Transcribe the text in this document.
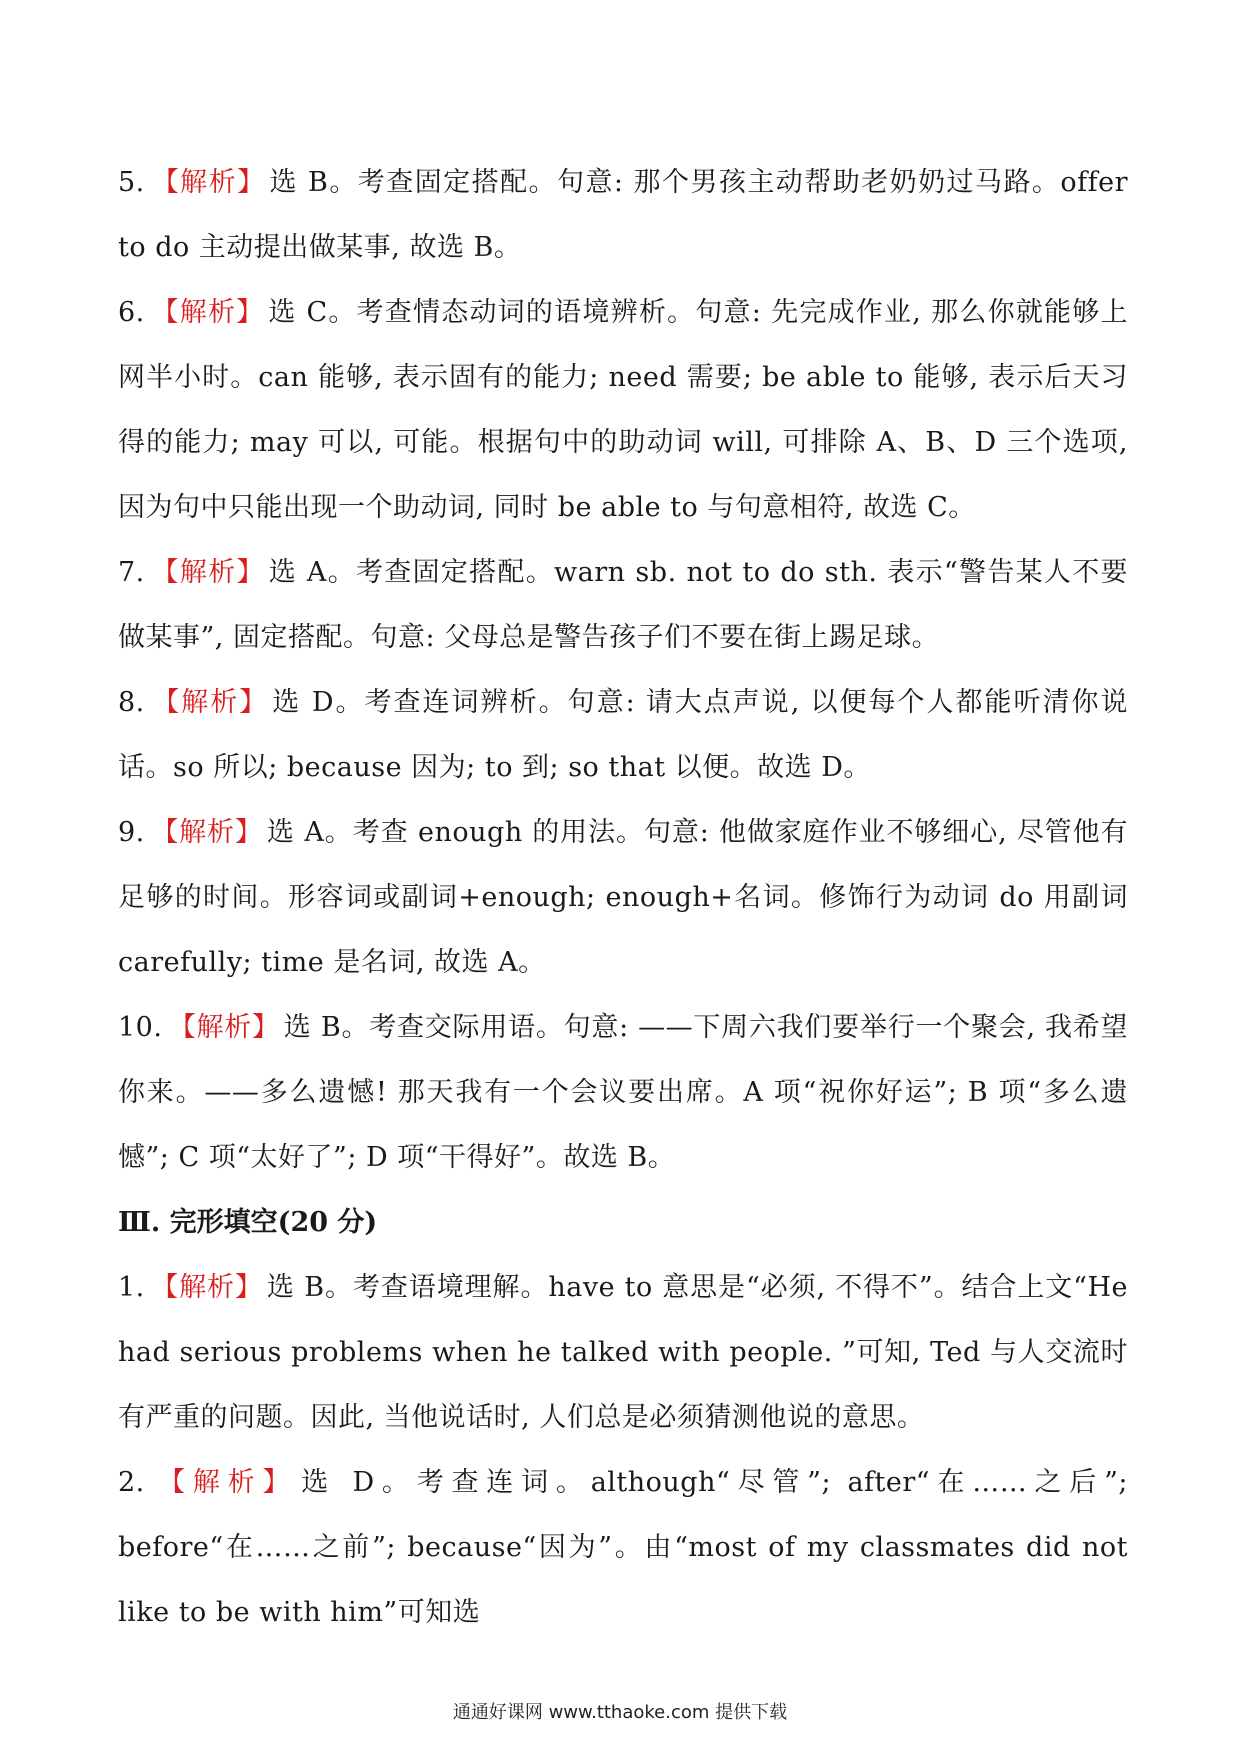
5. 【解析】 选 B。考查固定搭配。句意: 那个男孩主动帮助老奶奶过马路。offer to do 主动提出做某事, 故选 B。

6. 【解析】 选 C。考查情态动词的语境辨析。句意: 先完成作业, 那么你就能够上网半小时。can 能够, 表示固有的能力; need 需要; be able to 能够, 表示后天习得的能力; may 可以, 可能。根据句中的助动词 will, 可排除 A、B、D 三个选项, 因为句中只能出现一个助动词, 同时 be able to 与句意相符, 故选 C。

7. 【解析】 选 A。考查固定搭配。warn sb. not to do sth. 表示“警告某人不要做某事”, 固定搭配。句意: 父母总是警告孩子们不要在街上踢足球。

8. 【解析】 选 D。考查连词辨析。句意: 请大点声说, 以便每个人都能听清你说话。so 所以; because 因为; to 到; so that 以便。故选 D。

9. 【解析】 选 A。考查 enough 的用法。句意: 他做家庭作业不够细心, 尽管他有足够的时间。形容词或副词+enough; enough+名词。修饰行为动词 do 用副词 carefully; time 是名词, 故选 A。

10. 【解析】 选 B。考查交际用语。句意: ——下周六我们要举行一个聚会, 我希望你来。——多么遗憾! 那天我有一个会议要出席。A 项“祝你好运”; B 项“多么遗憾”; C 项“太好了”; D 项“干得好”。故选 B。

Ⅲ. 完形填空(20 分)

1. 【解析】 选 B。考查语境理解。have to 意思是“必须, 不得不”。结合上文“He had serious problems when he talked with people. ”可知, Ted 与人交流时有严重的问题。因此, 当他说话时, 人们总是必须猜测他说的意思。

2. 【解析】 选 D。考查连词。although“尽管”; after“在……之后”; before“在……之前”; because“因为”。由“most of my classmates did not like to be with him”可知选

通通好课网 www.tthaoke.com 提供下载
